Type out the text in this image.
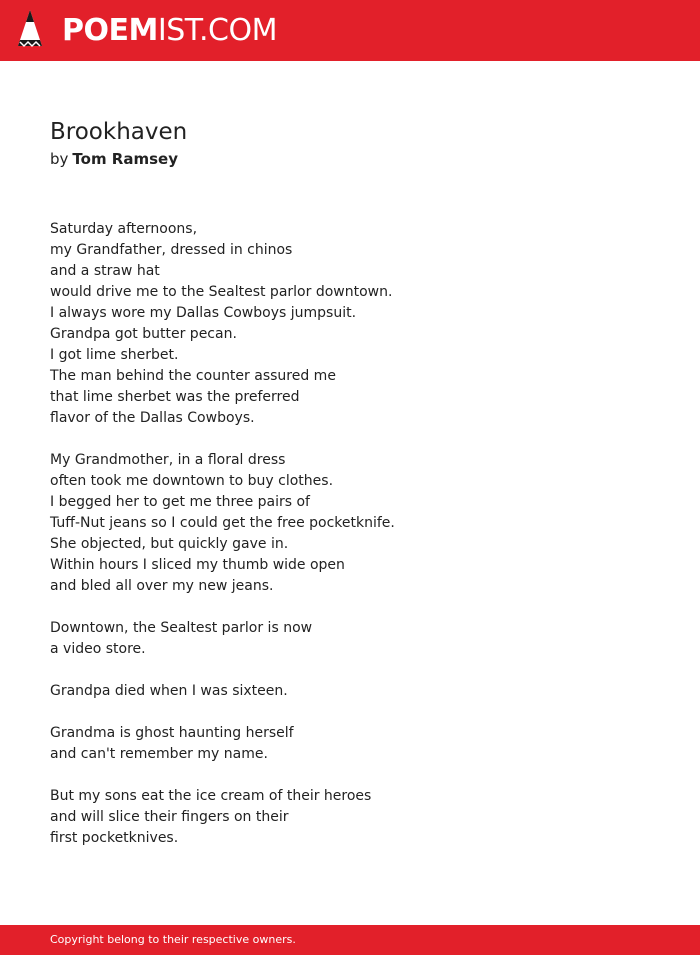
POEMIST.COM
Brookhaven
by Tom Ramsey
Saturday afternoons,
my Grandfather, dressed in chinos
and a straw hat
would drive me to the Sealtest parlor downtown.
I always wore my Dallas Cowboys jumpsuit.
Grandpa got butter pecan.
I got lime sherbet.
The man behind the counter assured me
that lime sherbet was the preferred
flavor of the Dallas Cowboys.
My Grandmother, in a floral dress
often took me downtown to buy clothes.
I begged her to get me three pairs of
Tuff-Nut jeans so I could get the free pocketknife.
She objected, but quickly gave in.
Within hours I sliced my thumb wide open
and bled all over my new jeans.
Downtown, the Sealtest parlor is now
a video store.
Grandpa died when I was sixteen.
Grandma is ghost haunting herself
and can't remember my name.
But my sons eat the ice cream of their heroes
and will slice their fingers on their
first pocketknives.
Copyright belong to their respective owners.
